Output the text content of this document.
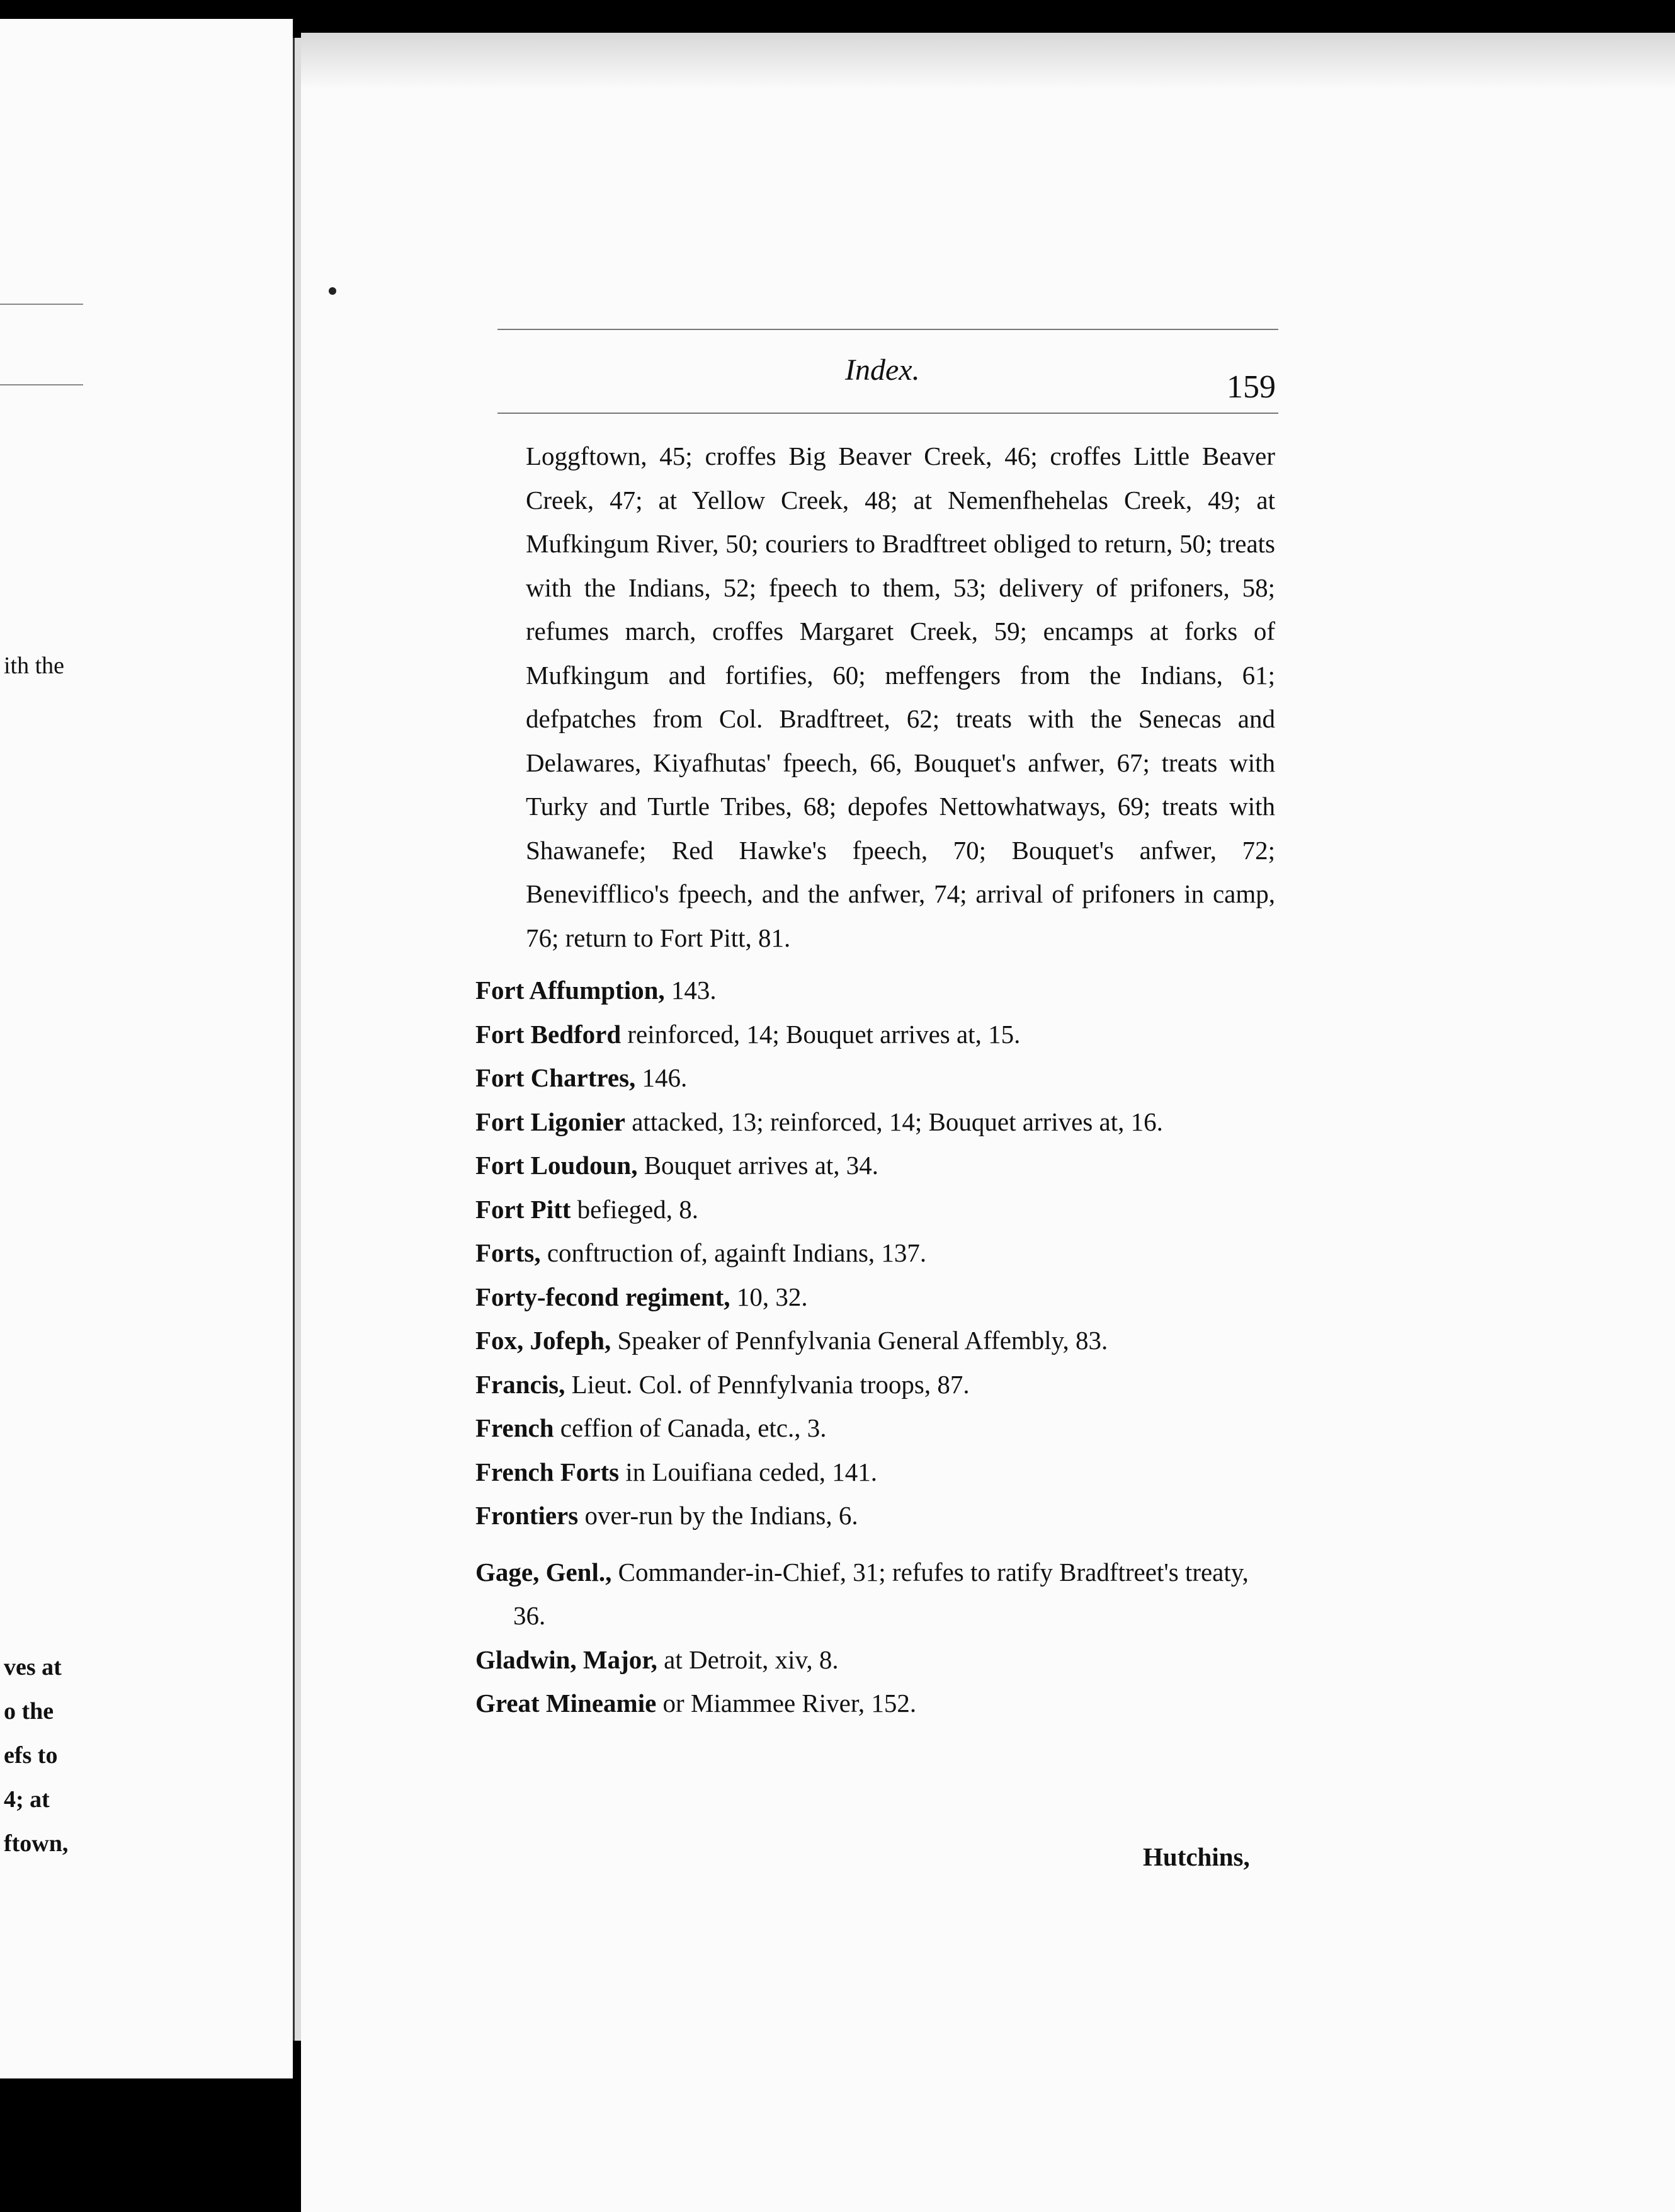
ith the
ves at
o the
efs to
4; at
ftown,
Index.	159

Loggftown, 45; croffes Big Beaver Creek, 46; croffes Little Beaver Creek, 47; at Yellow Creek, 48; at Nemenfhehelas Creek, 49; at Mufkingum River, 50; couriers to Bradftreet obliged to return, 50; treats with the Indians, 52; fpeech to them, 53; delivery of prifoners, 58; refumes march, croffes Margaret Creek, 59; encamps at forks of Mufkingum and fortifies, 60; meffengers from the Indians, 61; defpatches from Col. Bradftreet, 62; treats with the Senecas and Delawares, Kiyafhutas' fpeech, 66, Bouquet's anfwer, 67; treats with Turky and Turtle Tribes, 68; depofes Nettowhatways, 69; treats with Shawanefe; Red Hawke's fpeech, 70; Bouquet's anfwer, 72; Benevifflico's fpeech, and the anfwer, 74; arrival of prifoners in camp, 76; return to Fort Pitt, 81.

Fort Affumption, 143.

Fort Bedford reinforced, 14; Bouquet arrives at, 15.

Fort Chartres, 146.

Fort Ligonier attacked, 13; reinforced, 14; Bouquet arrives at, 16.

Fort Loudoun, Bouquet arrives at, 34.

Fort Pitt befieged, 8.

Forts, conftruction of, againft Indians, 137.

Forty-fecond regiment, 10, 32.

Fox, Jofeph, Speaker of Pennfylvania General Affembly, 83.

Francis, Lieut. Col. of Pennfylvania troops, 87.

French ceffion of Canada, etc., 3.

French Forts in Louifiana ceded, 141.

Frontiers over-run by the Indians, 6.

Gage, Genl., Commander-in-Chief, 31; refufes to ratify Bradftreet's treaty, 36.

Gladwin, Major, at Detroit, xiv, 8.

Great Mineamie or Miammee River, 152.

Hutchins,
